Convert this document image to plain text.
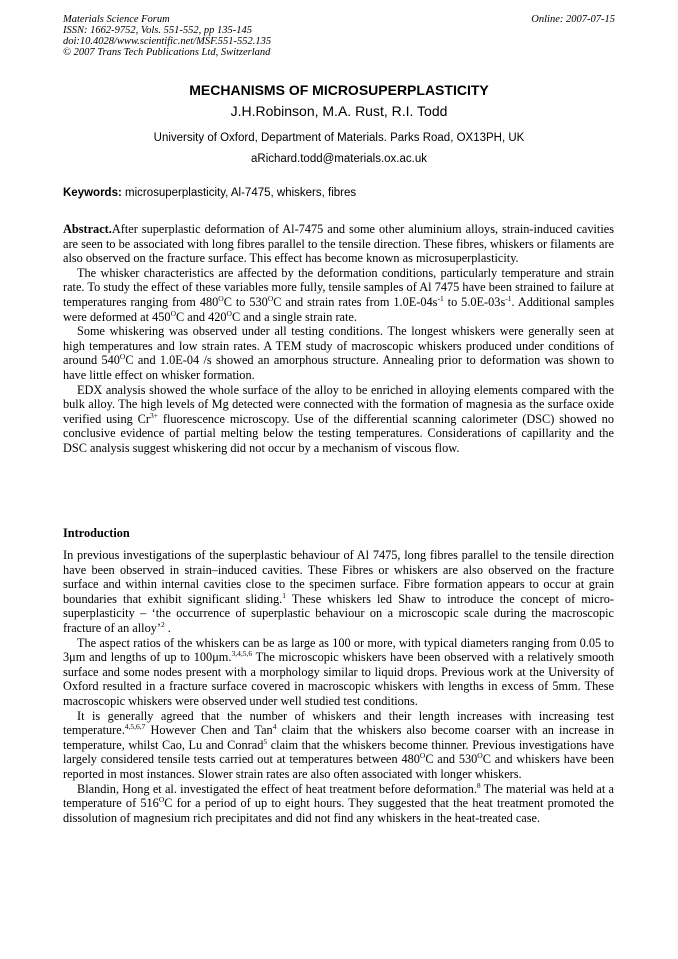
Materials Science Forum
ISSN: 1662-9752, Vols. 551-552, pp 135-145
doi:10.4028/www.scientific.net/MSF.551-552.135
© 2007 Trans Tech Publications Ltd, Switzerland
Online: 2007-07-15
MECHANISMS OF MICROSUPERPLASTICITY
J.H.Robinson, M.A. Rust, R.I. Todd
University of Oxford, Department of Materials. Parks Road, OX13PH, UK
aRichard.todd@materials.ox.ac.uk
Keywords: microsuperplasticity, Al-7475, whiskers, fibres

Abstract.After superplastic deformation of Al-7475 and some other aluminium alloys, strain-induced cavities are seen to be associated with long fibres parallel to the tensile direction. These fibres, whiskers or filaments are also observed on the fracture surface. This effect has become known as microsuperplasticity.

The whisker characteristics are affected by the deformation conditions, particularly temperature and strain rate. To study the effect of these variables more fully, tensile samples of Al 7475 have been strained to failure at temperatures ranging from $480^OC$ to $530^OC$ and strain rates from $1.0E-04s^{-1}$ to $5.0E-03s^{-1}$. Additional samples were deformed at $450^OC$ and $420^OC$ and a single strain rate.

Some whiskering was observed under all testing conditions. The longest whiskers were generally seen at high temperatures and low strain rates. A TEM study of macroscopic whiskers produced under conditions of around $540^OC$ and 1.0E-04 /s showed an amorphous structure. Annealing prior to deformation was shown to have little effect on whisker formation.

EDX analysis showed the whole surface of the alloy to be enriched in alloying elements compared with the bulk alloy. The high levels of Mg detected were connected with the formation of magnesia as the surface oxide verified using $Cr^{3+}$ fluorescence microscopy. Use of the differential scanning calorimeter (DSC) showed no conclusive evidence of partial melting below the testing temperatures. Considerations of capillarity and the DSC analysis suggest whiskering did not occur by a mechanism of viscous flow.

Introduction

In previous investigations of the superplastic behaviour of Al 7475, long fibres parallel to the tensile direction have been observed in strain–induced cavities. These Fibres or whiskers are also observed on the fracture surface and within internal cavities close to the specimen surface. Fibre formation appears to occur at grain boundaries that exhibit significant sliding.$^1$ These whiskers led Shaw to introduce the concept of micro-superplasticity – ‘the occurrence of superplastic behaviour on a microscopic scale during the macroscopic fracture of an alloy’$^2$ .

The aspect ratios of the whiskers can be as large as 100 or more, with typical diameters ranging from 0.05 to 3μm and lengths of up to 100μm.$^{3,4,5,6}$ The microscopic whiskers have been observed with a relatively smooth surface and some nodes present with a morphology similar to liquid drops. Previous work at the University of Oxford resulted in a fracture surface covered in macroscopic whiskers with lengths in excess of 5mm. These macroscopic whiskers were observed under well studied test conditions.

It is generally agreed that the number of whiskers and their length increases with increasing test temperature.$^{4,5,6,7}$ However Chen and Tan$^4$ claim that the whiskers also become coarser with an increase in temperature, whilst Cao, Lu and Conrad$^5$ claim that the whiskers become thinner. Previous investigations have largely considered tensile tests carried out at temperatures between $480^OC$ and $530^OC$ and whiskers have been reported in most instances. Slower strain rates are also often associated with longer whiskers.

Blandin, Hong et al. investigated the effect of heat treatment before deformation.$^8$ The material was held at a temperature of $516^OC$ for a period of up to eight hours. They suggested that the heat treatment promoted the dissolution of magnesium rich precipitates and did not find any whiskers in the heat-treated case.
